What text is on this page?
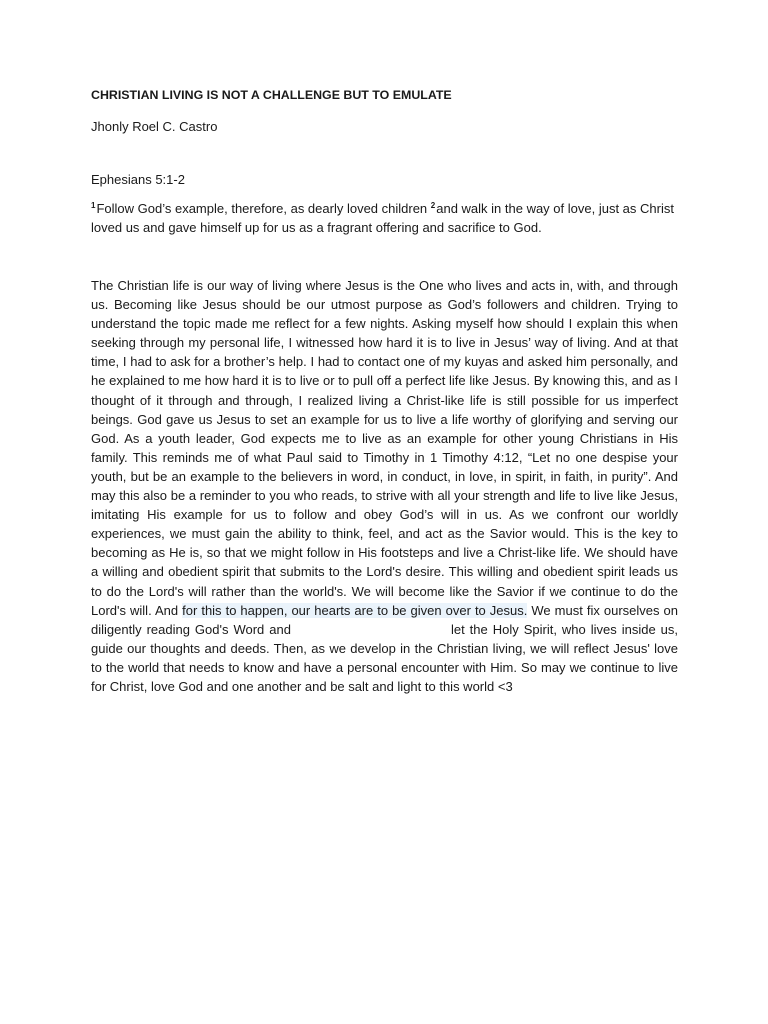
CHRISTIAN LIVING IS NOT A CHALLENGE BUT TO EMULATE
Jhonly Roel C. Castro
Ephesians 5:1-2
$^1$Follow God’s example, therefore, as dearly loved children $^2$and walk in the way of love, just as Christ loved us and gave himself up for us as a fragrant offering and sacrifice to God.

The Christian life is our way of living where Jesus is the One who lives and acts in, with, and through us. Becoming like Jesus should be our utmost purpose as God’s followers and children. Trying to understand the topic made me reflect for a few nights. Asking myself how should I explain this when seeking through my personal life, I witnessed how hard it is to live in Jesus’ way of living. And at that time, I had to ask for a brother’s help. I had to contact one of my kuyas and asked him personally, and he explained to me how hard it is to live or to pull off a perfect life like Jesus. By knowing this, and as I thought of it through and through, I realized living a Christ-like life is still possible for us imperfect beings. God gave us Jesus to set an example for us to live a life worthy of glorifying and serving our God. As a youth leader, God expects me to live as an example for other young Christians in His family. This reminds me of what Paul said to Timothy in 1 Timothy 4:12, “Let no one despise your youth, but be an example to the believers in word, in conduct, in love, in spirit, in faith, in purity”. And may this also be a reminder to you who reads, to strive with all your strength and life to live like Jesus, imitating His example for us to follow and obey God’s will in us. As we confront our worldly experiences, we must gain the ability to think, feel, and act as the Savior would. This is the key to becoming as He is, so that we might follow in His footsteps and live a Christ-like life. We should have a willing and obedient spirit that submits to the Lord's desire. This willing and obedient spirit leads us to do the Lord's will rather than the world's. We will become like the Savior if we continue to do the Lord's will. And for this to happen, our hearts are to be given over to Jesus. We must fix ourselves on diligently reading God's Word and	let the Holy Spirit, who lives inside us, guide our thoughts and deeds. Then, as we develop in the Christian living, we will reflect Jesus' love to the world that needs to know and have a personal encounter with Him. So may we continue to live for Christ, love God and one another and be salt and light to this world <3
